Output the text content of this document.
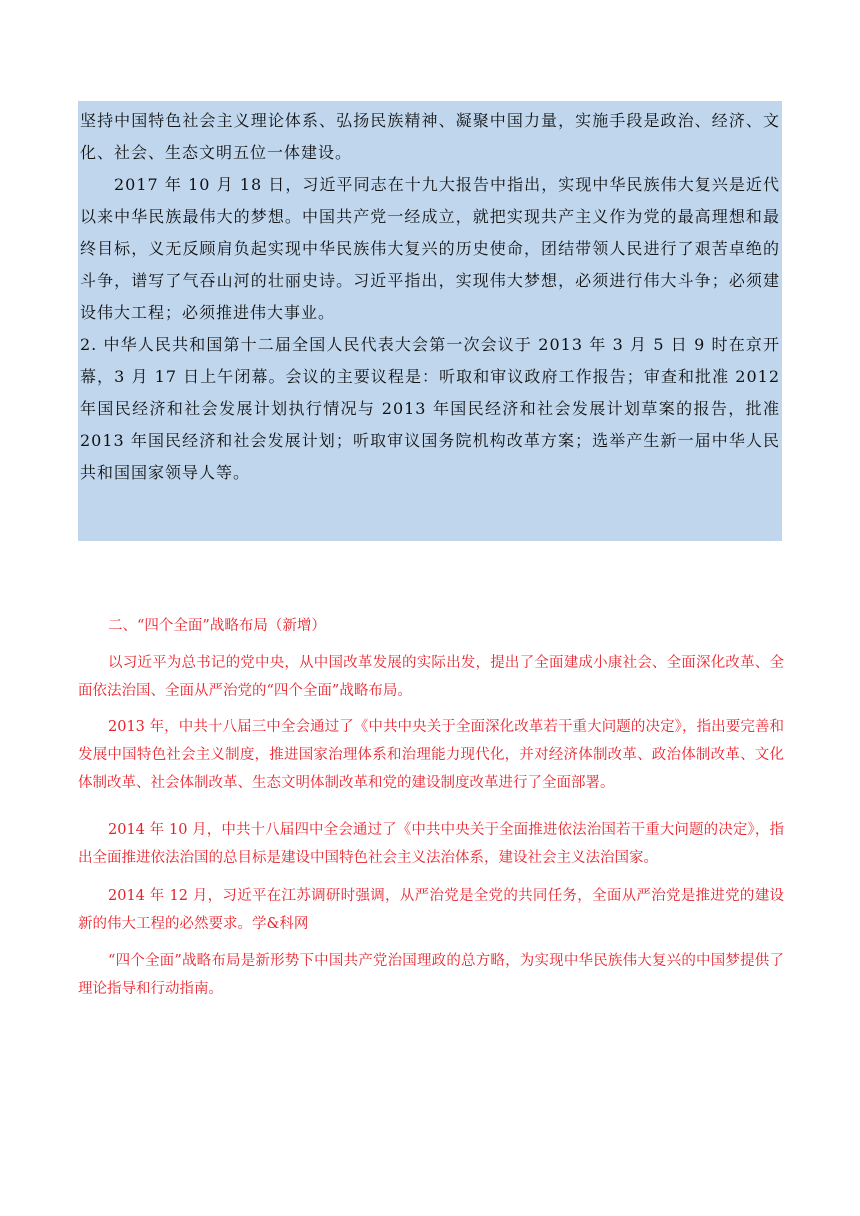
坚持中国特色社会主义理论体系、弘扬民族精神、凝聚中国力量，实施手段是政治、经济、文化、社会、生态文明五位一体建设。

2017 年 10 月 18 日，习近平同志在十九大报告中指出，实现中华民族伟大复兴是近代以来中华民族最伟大的梦想。中国共产党一经成立，就把实现共产主义作为党的最高理想和最终目标，义无反顾肩负起实现中华民族伟大复兴的历史使命，团结带领人民进行了艰苦卓绝的斗争，谱写了气吞山河的壮丽史诗。习近平指出，实现伟大梦想，必须进行伟大斗争；必须建设伟大工程；必须推进伟大事业。

2. 中华人民共和国第十二届全国人民代表大会第一次会议于 2013 年 3 月 5 日 9 时在京开幕，3 月 17 日上午闭幕。会议的主要议程是：听取和审议政府工作报告；审查和批准 2012 年国民经济和社会发展计划执行情况与 2013 年国民经济和社会发展计划草案的报告，批准 2013 年国民经济和社会发展计划；听取审议国务院机构改革方案；选举产生新一届中华人民共和国国家领导人等。

二、“四个全面”战略布局（新增）

以习近平为总书记的党中央，从中国改革发展的实际出发，提出了全面建成小康社会、全面深化改革、全面依法治国、全面从严治党的“四个全面”战略布局。

2013 年，中共十八届三中全会通过了《中共中央关于全面深化改革若干重大问题的决定》，指出要完善和发展中国特色社会主义制度，推进国家治理体系和治理能力现代化，并对经济体制改革、政治体制改革、文化体制改革、社会体制改革、生态文明体制改革和党的建设制度改革进行了全面部署。

2014 年 10 月，中共十八届四中全会通过了《中共中央关于全面推进依法治国若干重大问题的决定》，指出全面推进依法治国的总目标是建设中国特色社会主义法治体系，建设社会主义法治国家。

2014 年 12 月，习近平在江苏调研时强调，从严治党是全党的共同任务，全面从严治党是推进党的建设新的伟大工程的必然要求。学&科网

“四个全面”战略布局是新形势下中国共产党治国理政的总方略，为实现中华民族伟大复兴的中国梦提供了理论指导和行动指南。
